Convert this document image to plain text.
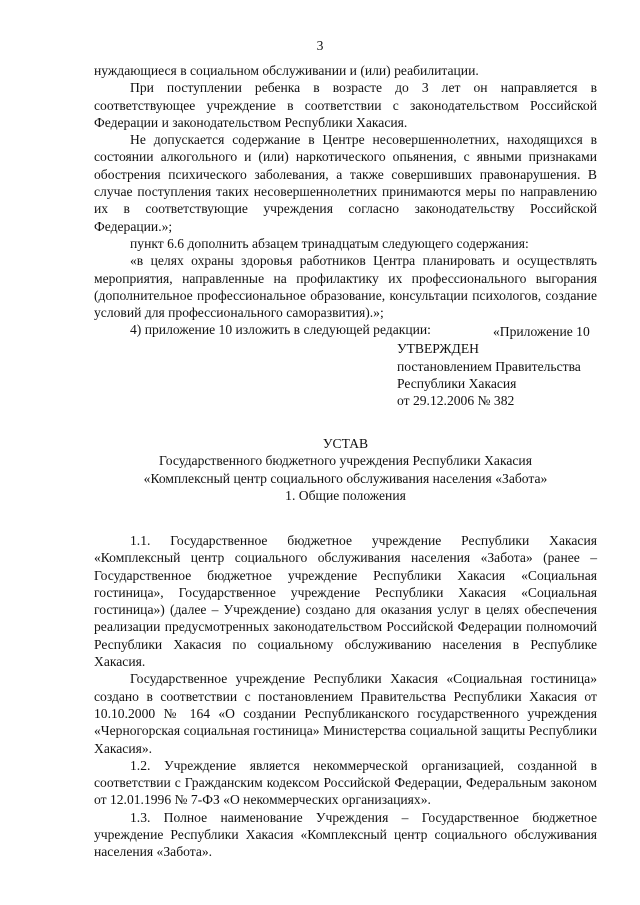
3

нуждающиеся в социальном обслуживании и (или) реабилитации.

При поступлении ребенка в возрасте до 3 лет он направляется в соответствующее учреждение в соответствии с законодательством Российской Федерации и законодательством Республики Хакасия.

Не допускается содержание в Центре несовершеннолетних, находящихся в состоянии алкогольного и (или) наркотического опьянения, с явными признаками обострения психического заболевания, а также совершивших правонарушения. В случае поступления таких несовершеннолетних принимаются меры по направлению их в соответствующие учреждения согласно законодательству Российской Федерации.»;

пункт 6.6 дополнить абзацем тринадцатым следующего содержания:

«в целях охраны здоровья работников Центра планировать и осуществлять мероприятия, направленные на профилактику их профессионального выгорания (дополнительное профессиональное образование, консультации психологов, создание условий для профессионального саморазвития).»;

4) приложение 10 изложить в следующей редакции:	«Приложение 10
УТВЕРЖДЕН
постановлением Правительства
Республики Хакасия
от 29.12.2006 № 382
УСТАВ
Государственного бюджетного учреждения Республики Хакасия
«Комплексный центр социального обслуживания населения «Забота»
1. Общие положения

1.1. Государственное бюджетное учреждение Республики Хакасия «Комплексный центр социального обслуживания населения «Забота» (ранее – Государственное бюджетное учреждение Республики Хакасия «Социальная гостиница», Государственное учреждение Республики Хакасия «Социальная гостиница») (далее – Учреждение) создано для оказания услуг в целях обеспечения реализации предусмотренных законодательством Российской Федерации полномочий Республики Хакасия по социальному обслуживанию населения в Республике Хакасия.

Государственное учреждение Республики Хакасия «Социальная гостиница» создано в соответствии с постановлением Правительства Республики Хакасия от 10.10.2000 № 164 «О создании Республиканского государственного учреждения «Черногорская социальная гостиница» Министерства социальной защиты Республики Хакасия».

1.2. Учреждение является некоммерческой организацией, созданной в соответствии с Гражданским кодексом Российской Федерации, Федеральным законом от 12.01.1996 № 7-ФЗ «О некоммерческих организациях».

1.3. Полное наименование Учреждения – Государственное бюджетное учреждение Республики Хакасия «Комплексный центр социального обслуживания населения «Забота».
